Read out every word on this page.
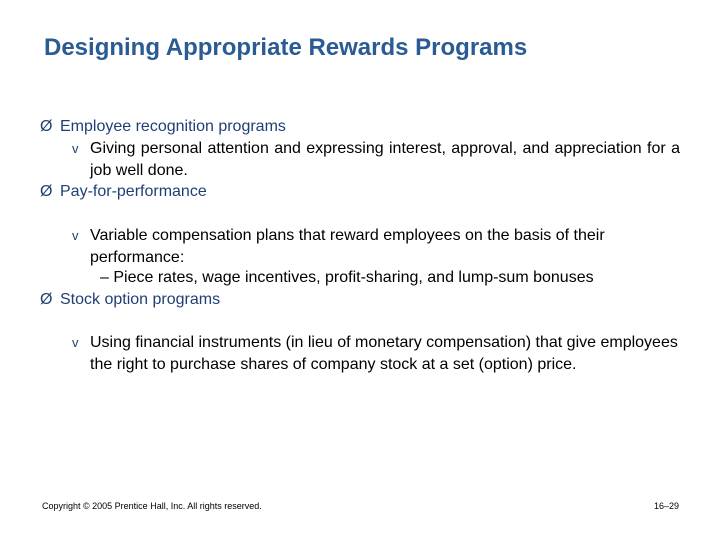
Designing Appropriate Rewards Programs
Ø Employee recognition programs
v Giving personal attention and expressing interest, approval, and appreciation for a job well done.
Ø Pay-for-performance
v Variable compensation plans that reward employees on the basis of their performance:
– Piece rates, wage incentives, profit-sharing, and lump-sum bonuses
Ø Stock option programs
v Using financial instruments (in lieu of monetary compensation) that give employees the right to purchase shares of company stock at a set (option) price.
Copyright © 2005 Prentice Hall, Inc. All rights reserved.	16–29
